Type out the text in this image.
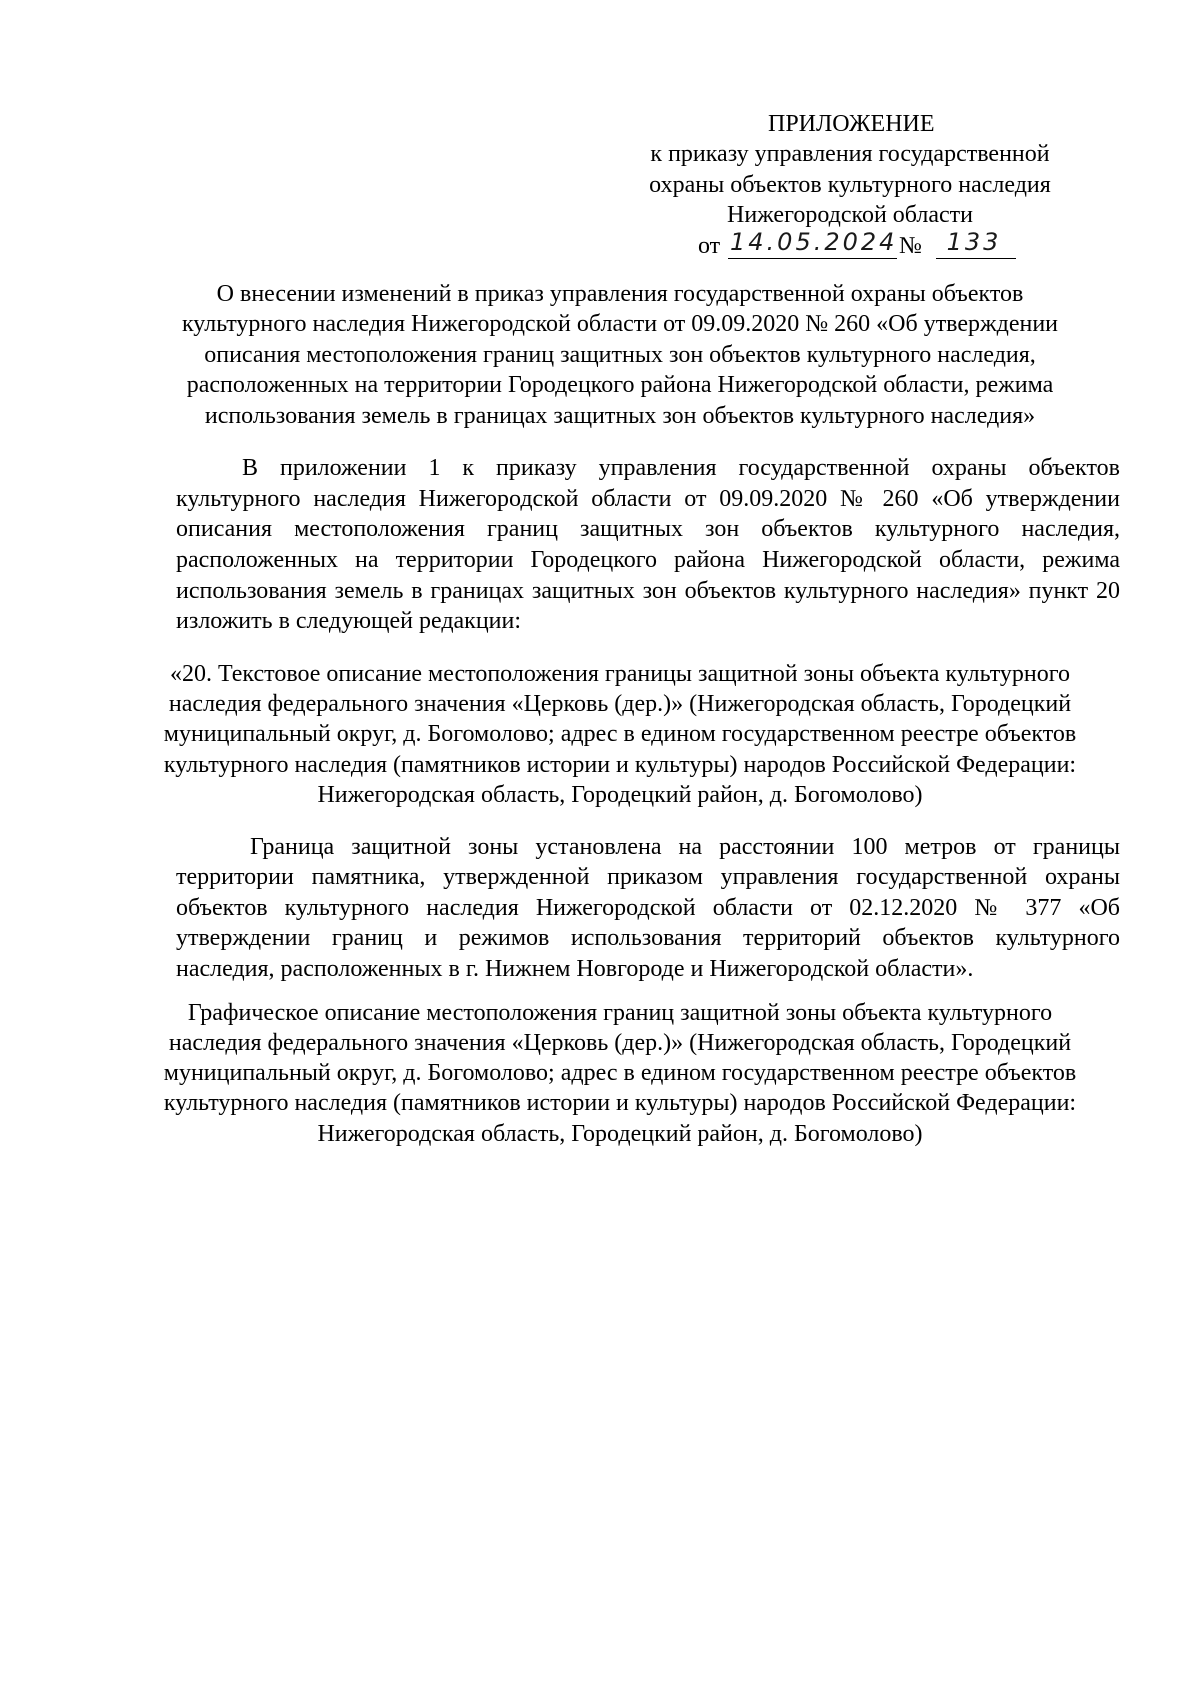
ПРИЛОЖЕНИЕ

к приказу управления государственной

охраны объектов культурного наследия

Нижегородской области

от 14.05.2024 №	133

О внесении изменений в приказ управления государственной охраны объектов

культурного наследия Нижегородской области от 09.09.2020 № 260 «Об утверждении

описания местоположения границ защитных зон объектов культурного наследия,

расположенных на территории Городецкого района Нижегородской области, режима

использования земель в границах защитных зон объектов культурного наследия»

В приложении 1 к приказу управления государственной охраны объектов

культурного наследия Нижегородской области от 09.09.2020 № 260 «Об утверждении

описания местоположения границ защитных зон объектов культурного наследия,

расположенных на территории Городецкого района Нижегородской области, режима

использования земель в границах защитных зон объектов культурного наследия» пункт 20

изложить в следующей редакции:

«20. Текстовое описание местоположения границы защитной зоны объекта культурного

наследия федерального значения «Церковь (дер.)» (Нижегородская область, Городецкий

муниципальный округ, д. Богомолово; адрес в едином государственном реестре объектов

культурного наследия (памятников истории и культуры) народов Российской Федерации:

Нижегородская область, Городецкий район, д. Богомолово)

Граница защитной зоны установлена на расстоянии 100 метров от границы

территории памятника, утвержденной приказом управления государственной охраны

объектов культурного наследия Нижегородской области от 02.12.2020 № 377 «Об

утверждении границ и режимов использования территорий объектов культурного

наследия, расположенных в г. Нижнем Новгороде и Нижегородской области».

Графическое описание местоположения границ защитной зоны объекта культурного

наследия федерального значения «Церковь (дер.)» (Нижегородская область, Городецкий

муниципальный округ, д. Богомолово; адрес в едином государственном реестре объектов

культурного наследия (памятников истории и культуры) народов Российской Федерации:

Нижегородская область, Городецкий район, д. Богомолово)
